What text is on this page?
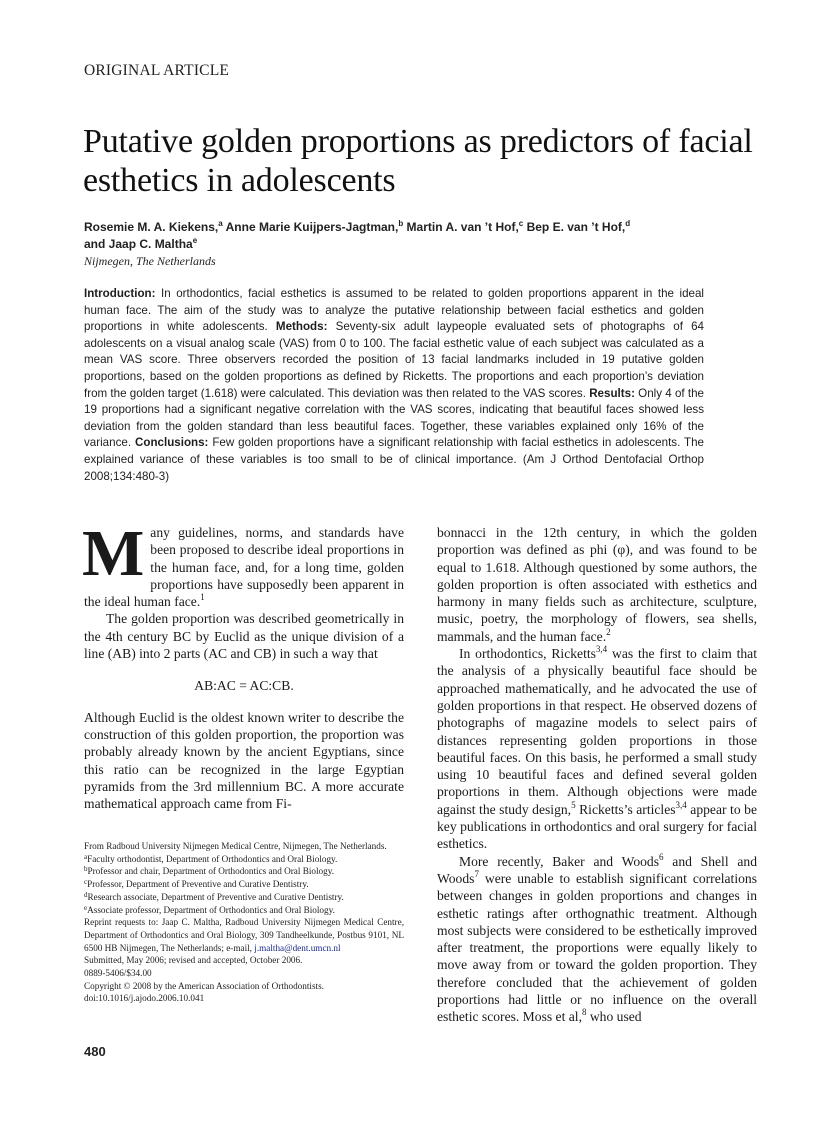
ORIGINAL ARTICLE
Putative golden proportions as predictors of facial esthetics in adolescents
Rosemie M. A. Kiekens,$^a$ Anne Marie Kuijpers-Jagtman,$^b$ Martin A. van ’t Hof,$^c$ Bep E. van ’t Hof,$^d$
and Jaap C. Maltha$^e$
Nijmegen, The Netherlands

Introduction: In orthodontics, facial esthetics is assumed to be related to golden proportions apparent in the ideal human face. The aim of the study was to analyze the putative relationship between facial esthetics and golden proportions in white adolescents. Methods: Seventy-six adult laypeople evaluated sets of photographs of 64 adolescents on a visual analog scale (VAS) from 0 to 100. The facial esthetic value of each subject was calculated as a mean VAS score. Three observers recorded the position of 13 facial landmarks included in 19 putative golden proportions, based on the golden proportions as defined by Ricketts. The proportions and each proportion’s deviation from the golden target (1.618) were calculated. This deviation was then related to the VAS scores. Results: Only 4 of the 19 proportions had a significant negative correlation with the VAS scores, indicating that beautiful faces showed less deviation from the golden standard than less beautiful faces. Together, these variables explained only 16% of the variance. Conclusions: Few golden proportions have a significant relationship with facial esthetics in adolescents. The explained variance of these variables is too small to be of clinical importance. (Am J Orthod Dentofacial Orthop 2008;134:480-3)

Many guidelines, norms, and standards have been proposed to describe ideal proportions in the human face, and, for a long time, golden proportions have supposedly been apparent in the ideal human face.$^1$

The golden proportion was described geometrically in the 4th century BC by Euclid as the unique division of a line (AB) into 2 parts (AC and CB) in such a way that

AB:AC = AC:CB.

Although Euclid is the oldest known writer to describe the construction of this golden proportion, the proportion was probably already known by the ancient Egyptians, since this ratio can be recognized in the large Egyptian pyramids from the 3rd millennium BC. A more accurate mathematical approach came from Fi-

bonnacci in the 12th century, in which the golden proportion was defined as phi (φ), and was found to be equal to 1.618. Although questioned by some authors, the golden proportion is often associated with esthetics and harmony in many fields such as architecture, sculpture, music, poetry, the morphology of flowers, sea shells, mammals, and the human face.$^2$

In orthodontics, Ricketts$^{3,4}$ was the first to claim that the analysis of a physically beautiful face should be approached mathematically, and he advocated the use of golden proportions in that respect. He observed dozens of photographs of magazine models to select pairs of distances representing golden proportions in those beautiful faces. On this basis, he performed a small study using 10 beautiful faces and defined several golden proportions in them. Although objections were made against the study design,$^5$ Ricketts’s articles$^{3,4}$ appear to be key publications in orthodontics and oral surgery for facial esthetics.

More recently, Baker and Woods$^6$ and Shell and Woods$^7$ were unable to establish significant correlations between changes in golden proportions and changes in esthetic ratings after orthognathic treatment. Although most subjects were considered to be esthetically improved after treatment, the proportions were equally likely to move away from or toward the golden proportion. They therefore concluded that the achievement of golden proportions had little or no influence on the overall esthetic scores. Moss et al,$^8$ who used

From Radboud University Nijmegen Medical Centre, Nijmegen, The Netherlands.

$^a$Faculty orthodontist, Department of Orthodontics and Oral Biology.

$^b$Professor and chair, Department of Orthodontics and Oral Biology.

$^c$Professor, Department of Preventive and Curative Dentistry.

$^d$Research associate, Department of Preventive and Curative Dentistry.

$^e$Associate professor, Department of Orthodontics and Oral Biology.

Reprint requests to: Jaap C. Maltha, Radboud University Nijmegen Medical Centre, Department of Orthodontics and Oral Biology, 309 Tandheelkunde, Postbus 9101, NL 6500 HB Nijmegen, The Netherlands; e-mail, j.maltha@dent.umcn.nl

Submitted, May 2006; revised and accepted, October 2006.

0889-5406/$34.00

Copyright © 2008 by the American Association of Orthodontists.

doi:10.1016/j.ajodo.2006.10.041

480
